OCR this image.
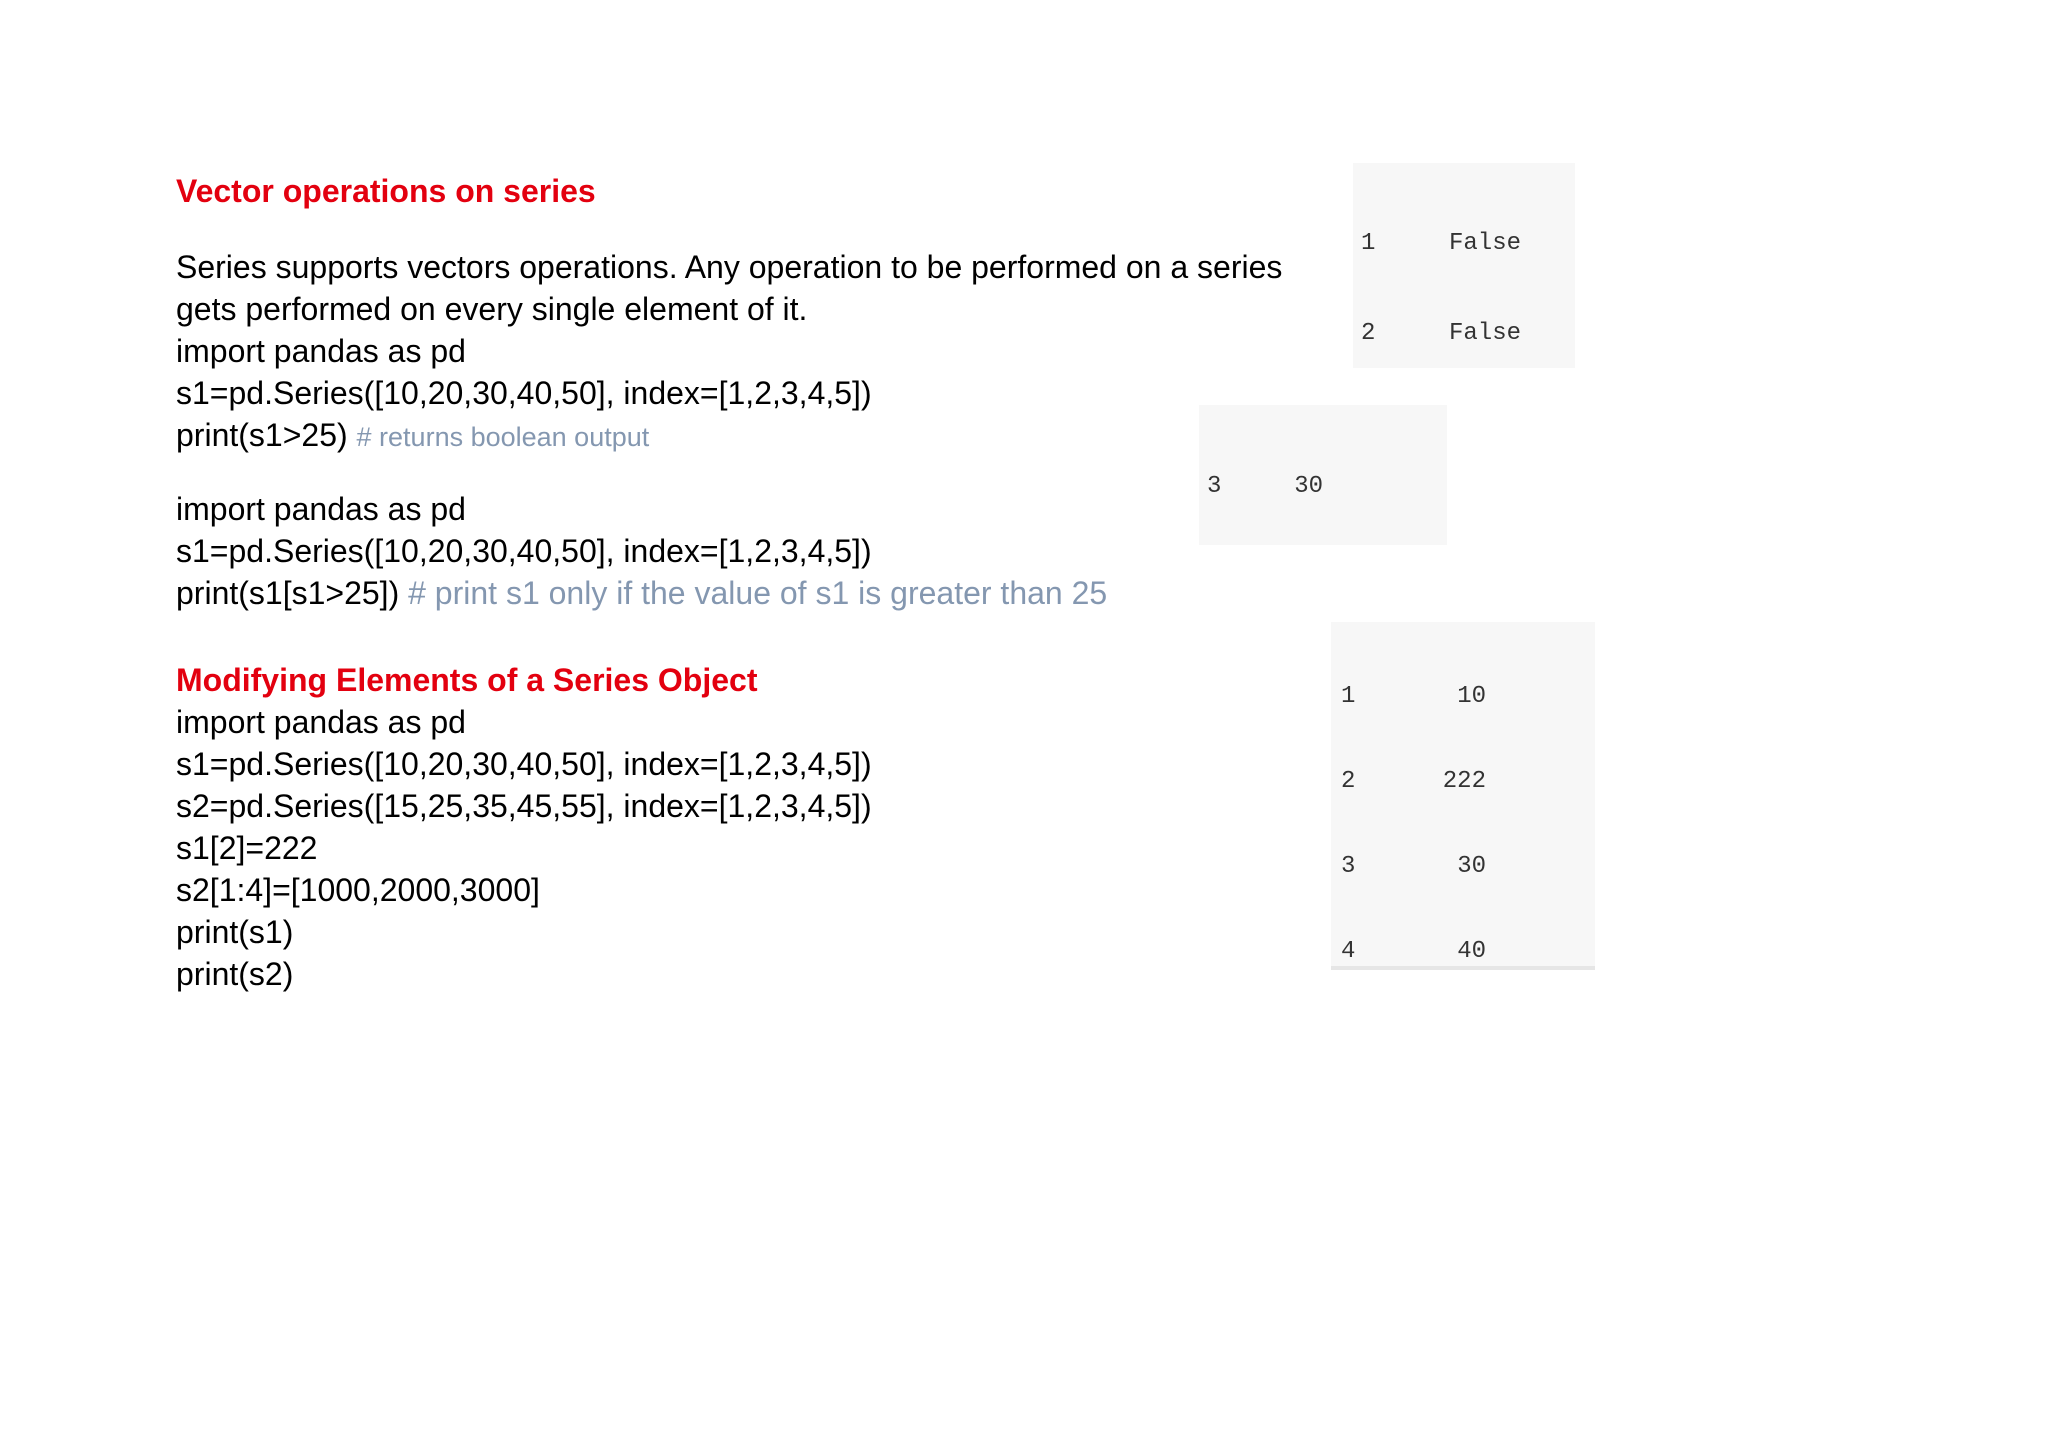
Vector operations on series
Series supports vectors operations. Any operation to be performed on a series
gets performed on every single element of it.
import pandas as pd
s1=pd.Series([10,20,30,40,50], index=[1,2,3,4,5])
print(s1>25) # returns boolean output
import pandas as pd
s1=pd.Series([10,20,30,40,50], index=[1,2,3,4,5])
print(s1[s1>25]) # print s1 only if the value of s1 is greater than 25
Modifying Elements of a Series Object
import pandas as pd
s1=pd.Series([10,20,30,40,50], index=[1,2,3,4,5])
s2=pd.Series([15,25,35,45,55], index=[1,2,3,4,5])
s1[2]=222
s2[1:4]=[1000,2000,3000]
print(s1)
print(s2)

1	False

2	False

3	30

1	10

2	222

3	30

4	40
